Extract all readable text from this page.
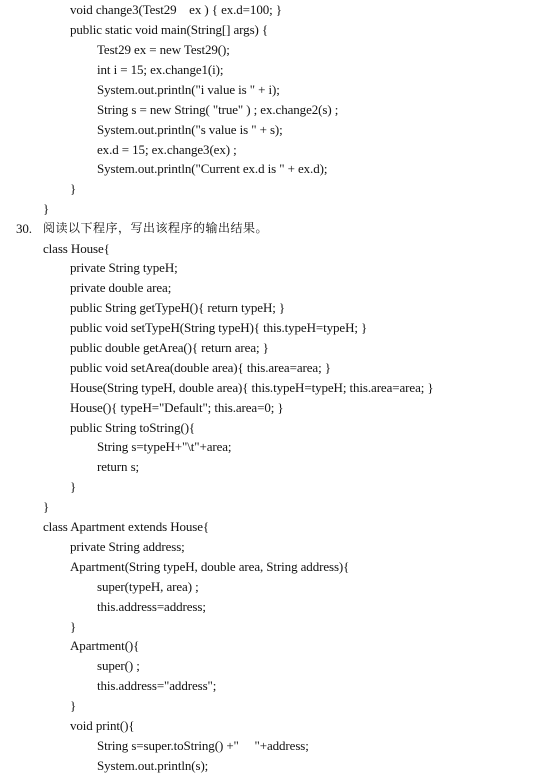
void change3(Test29    ex ) { ex.d=100; }
public static void main(String[] args) {
Test29 ex = new Test29();
int i = 15; ex.change1(i);
System.out.println("i value is " + i);
String s = new String( "true" ) ; ex.change2(s) ;
System.out.println("s value is " + s);
ex.d = 15; ex.change3(ex) ;
System.out.println("Current ex.d is " + ex.d);
}
}
30. 阅读以下程序，写出该程序的输出结果。
class House{
private String typeH;
private double area;
public String getTypeH(){ return typeH; }
public void setTypeH(String typeH){ this.typeH=typeH; }
public double getArea(){ return area; }
public void setArea(double area){ this.area=area; }
House(String typeH, double area){ this.typeH=typeH; this.area=area; }
House(){ typeH="Default"; this.area=0; }
public String toString(){
String s=typeH+"\t"+area;
return s;
}
}
class Apartment extends House{
private String address;
Apartment(String typeH, double area, String address){
super(typeH, area) ;
this.address=address;
}
Apartment(){
super() ;
this.address="address";
}
void print(){
String s=super.toString() +"     "+address;
System.out.println(s);
